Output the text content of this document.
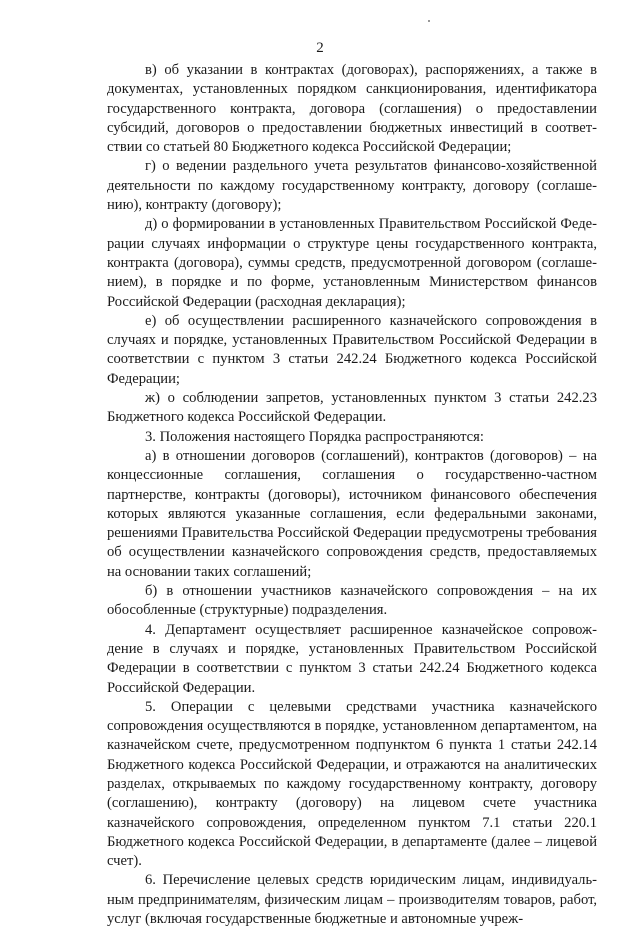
2

в) об указании в контрактах (договорах), распоряжениях, а также в документах, установленных порядком санкционирования, идентификатора государственного контракта, договора (соглашения) о предоставлении субсидий, договоров о предоставлении бюджетных инвестиций в соответствии со статьей 80 Бюджетного кодекса Российской Федерации;

г) о ведении раздельного учета результатов финансово-хозяйственной деятельности по каждому государственному контракту, договору (соглашению), контракту (договору);

д) о формировании в установленных Правительством Российской Федерации случаях информации о структуре цены государственного контракта, контракта (договора), суммы средств, предусмотренной договором (соглашением), в порядке и по форме, установленным Министерством финансов Российской Федерации (расходная декларация);

е) об осуществлении расширенного казначейского сопровождения в случаях и порядке, установленных Правительством Российской Федерации в соответствии с пунктом 3 статьи 242.24 Бюджетного кодекса Российской Федерации;

ж) о соблюдении запретов, установленных пунктом 3 статьи 242.23 Бюджетного кодекса Российской Федерации.

3. Положения настоящего Порядка распространяются:

а) в отношении договоров (соглашений), контрактов (договоров) – на концессионные соглашения, соглашения о государственно-частном партнерстве, контракты (договоры), источником финансового обеспечения которых являются указанные соглашения, если федеральными законами, решениями Правительства Российской Федерации предусмотрены требования об осуществлении казначейского сопровождения средств, предоставляемых на основании таких соглашений;

б) в отношении участников казначейского сопровождения – на их обособленные (структурные) подразделения.

4. Департамент осуществляет расширенное казначейское сопровождение в случаях и порядке, установленных Правительством Российской Федерации в соответствии с пунктом 3 статьи 242.24 Бюджетного кодекса Российской Федерации.

5. Операции с целевыми средствами участника казначейского сопровождения осуществляются в порядке, установленном департаментом, на казначейском счете, предусмотренном подпунктом 6 пункта 1 статьи 242.14 Бюджетного кодекса Российской Федерации, и отражаются на аналитических разделах, открываемых по каждому государственному контракту, договору (соглашению), контракту (договору) на лицевом счете участника казначейского сопровождения, определенном пунктом 7.1 статьи 220.1 Бюджетного кодекса Российской Федерации, в департаменте (далее – лицевой счет).

6. Перечисление целевых средств юридическим лицам, индивидуальным предпринимателям, физическим лицам – производителям товаров, работ, услуг (включая государственные бюджетные и автономные учреж-
